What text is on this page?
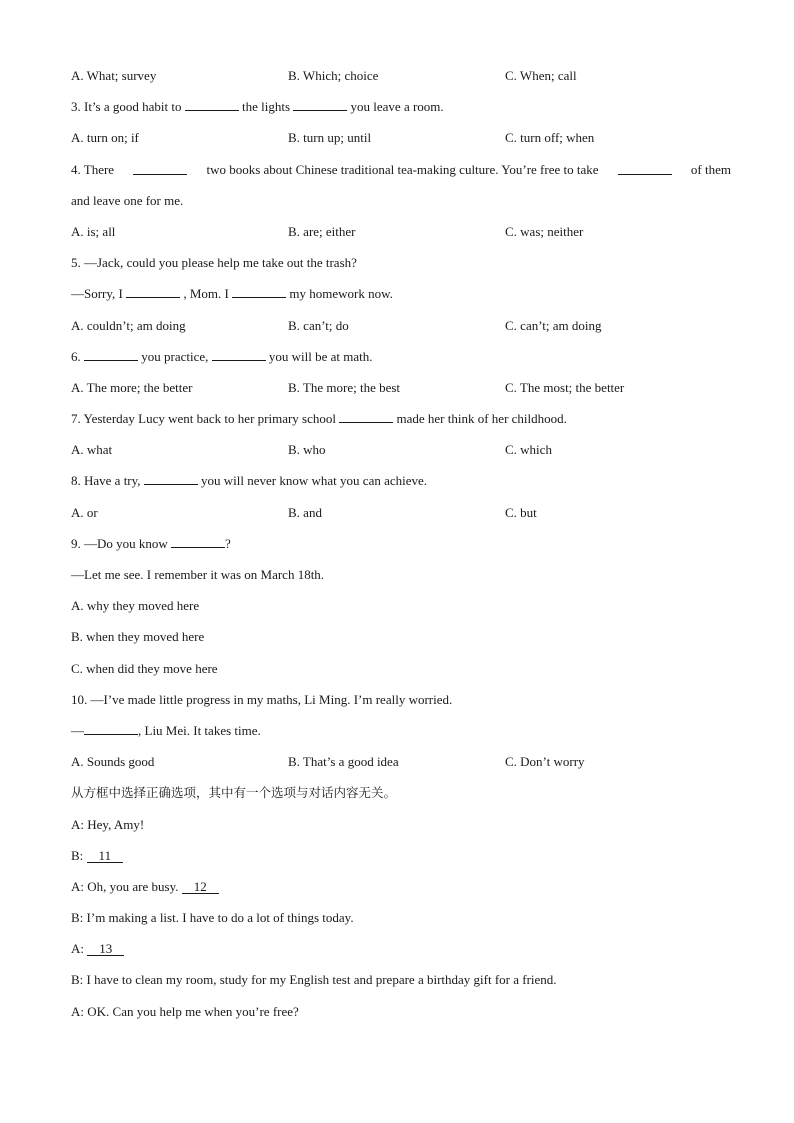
A. What; survey	B. Which; choice	C. When; call
3. It’s a good habit to	the lights	you leave a room.
A. turn on; if	B. turn up; until	C. turn off; when
4. There	two books about Chinese traditional tea-making culture. You’re free to take	of them
and leave one for me.
A. is; all	B. are; either	C. was; neither
5. —Jack, could you please help me take out the trash?
—Sorry, I	, Mom. I	my homework now.
A. couldn’t; am doing	B. can’t; do	C. can’t; am doing
6.	you practice,	you will be at math.
A. The more; the better	B. The more; the best	C. The most; the better
7. Yesterday Lucy went back to her primary school	made her think of her childhood.
A. what	B. who	C. which
8. Have a try,	you will never know what you can achieve.
A. or	B. and	C. but
9. —Do you know	?
—Let me see. I remember it was on March 18th.
A. why they moved here
B. when they moved here
C. when did they move here
10. —I’ve made little progress in my maths, Li Ming. I’m really worried.
—	, Liu Mei. It takes time.
A. Sounds good	B. That’s a good idea	C. Don’t worry
从方框中选择正确选项，其中有一个选项与对话内容无关。
A: Hey, Amy!
B: 11
A: Oh, you are busy. 12
B: I’m making a list. I have to do a lot of things today.
A: 13
B: I have to clean my room, study for my English test and prepare a birthday gift for a friend.
A: OK. Can you help me when you’re free?
